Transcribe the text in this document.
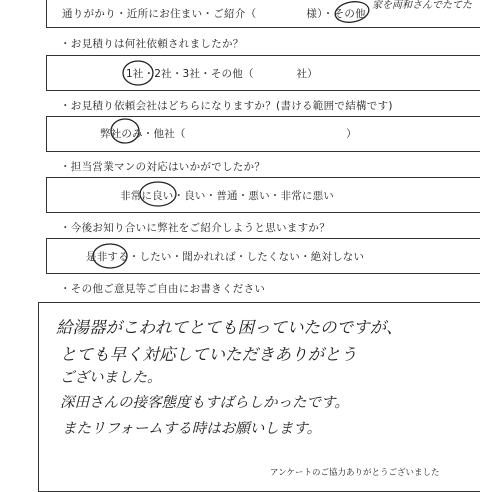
通りがかり・近所にお住まい・ご紹介（	様）・その他
家を両和さんでたてた
・お見積りは何社依頼されましたか？
1社・2社・3社・その他（　　　　社）
・お見積り依頼会社はどちらになりますか？(書ける範囲で結構です)
弊社のみ・他社（　　　　　　　　　　　　　　　）
・担当営業マンの対応はいかがでしたか？
非常に良い・良い・普通・悪い・非常に悪い
・今後お知り合いに弊社をご紹介しようと思いますか？
是非する・したい・聞かれれば・したくない・絶対しない
・その他ご意見等ご自由にお書きください
給湯器がこわれてとても困っていたのですが、
とても早く対応していただきありがとう
ございました。
深田さんの接客態度もすばらしかったです。
またリフォームする時はお願いします。
アンケートのご協力ありがとうございました
